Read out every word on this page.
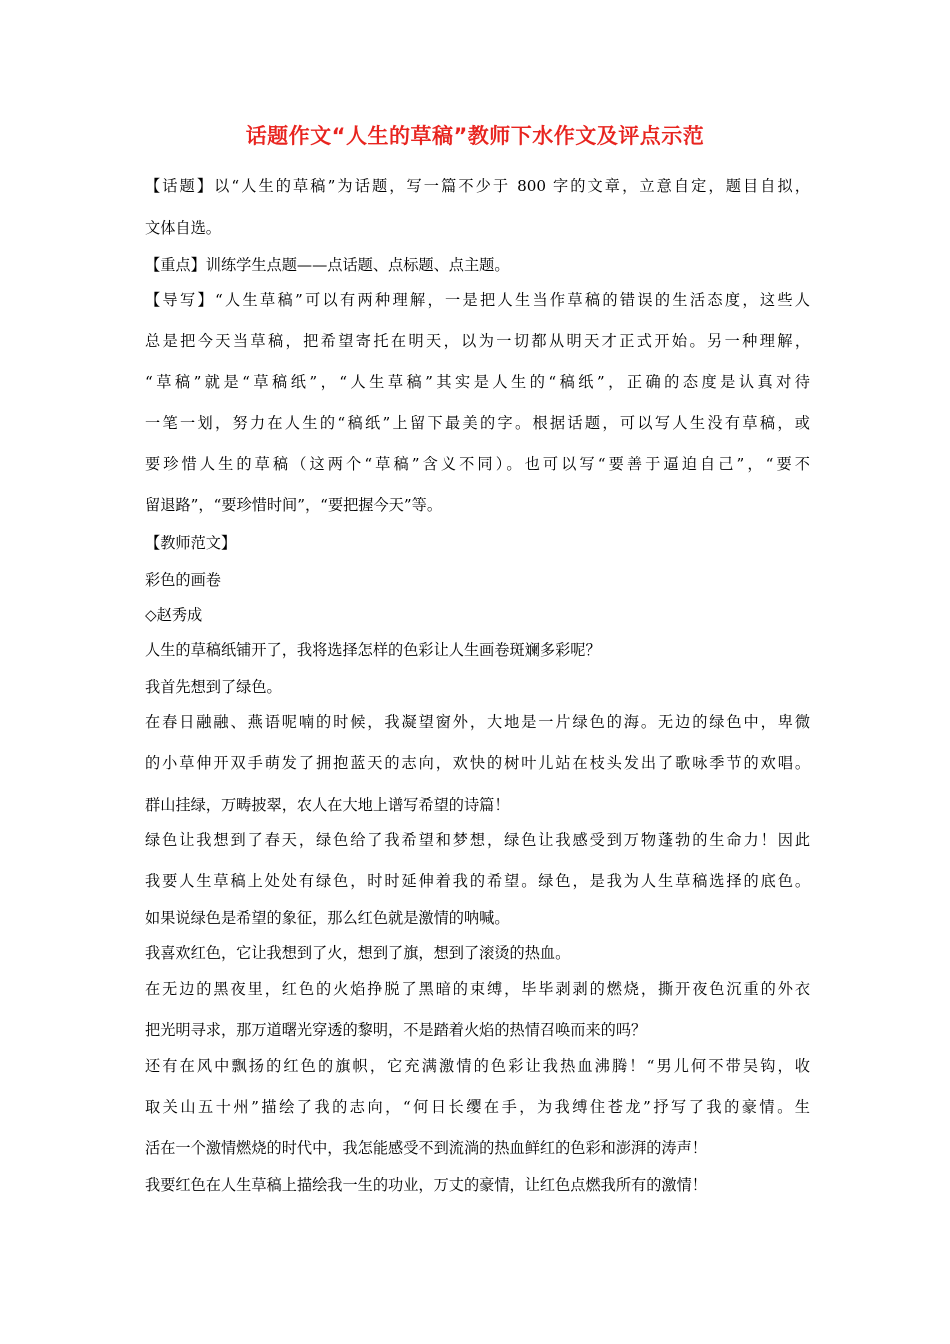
话题作文“人生的草稿”教师下水作文及评点示范
【话题】以“人生的草稿”为话题，写一篇不少于 800 字的文章，立意自定，题目自拟，
文体自选。
【重点】训练学生点题——点话题、点标题、点主题。
【导写】“人生草稿”可以有两种理解，一是把人生当作草稿的错误的生活态度，这些人
总是把今天当草稿，把希望寄托在明天，以为一切都从明天才正式开始。另一种理解，
“草稿”就是“草稿纸”，“人生草稿”其实是人生的“稿纸”，正确的态度是认真对待
一笔一划，努力在人生的“稿纸”上留下最美的字。根据话题，可以写人生没有草稿，或
要珍惜人生的草稿（这两个“草稿”含义不同）。也可以写“要善于逼迫自己”，“要不
留退路”，“要珍惜时间”，“要把握今天”等。
【教师范文】
彩色的画卷
◇赵秀成
人生的草稿纸铺开了，我将选择怎样的色彩让人生画卷斑斓多彩呢？
我首先想到了绿色。
在春日融融、燕语呢喃的时候，我凝望窗外，大地是一片绿色的海。无边的绿色中，卑微
的小草伸开双手萌发了拥抱蓝天的志向，欢快的树叶儿站在枝头发出了歌咏季节的欢唱。
群山挂绿，万畴披翠，农人在大地上谱写希望的诗篇！
绿色让我想到了春天，绿色给了我希望和梦想，绿色让我感受到万物蓬勃的生命力！因此
我要人生草稿上处处有绿色，时时延伸着我的希望。绿色，是我为人生草稿选择的底色。
如果说绿色是希望的象征，那么红色就是激情的呐喊。
我喜欢红色，它让我想到了火，想到了旗，想到了滚烫的热血。
在无边的黑夜里，红色的火焰挣脱了黑暗的束缚，毕毕剥剥的燃烧，撕开夜色沉重的外衣
把光明寻求，那万道曙光穿透的黎明，不是踏着火焰的热情召唤而来的吗？
还有在风中飘扬的红色的旗帜，它充满激情的色彩让我热血沸腾！“男儿何不带吴钩，收
取关山五十州”描绘了我的志向，“何日长缨在手，为我缚住苍龙”抒写了我的豪情。生
活在一个激情燃烧的时代中，我怎能感受不到流淌的热血鲜红的色彩和澎湃的涛声！
我要红色在人生草稿上描绘我一生的功业，万丈的豪情，让红色点燃我所有的激情！
